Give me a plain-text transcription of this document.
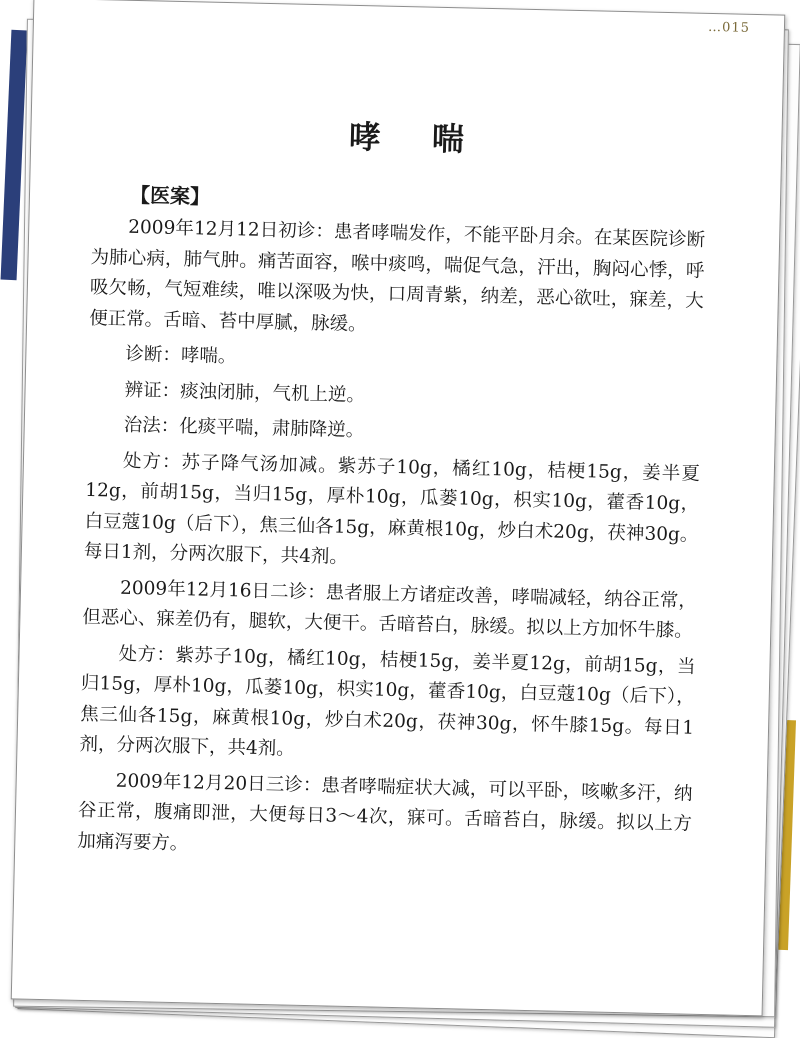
…015
哮 喘
【医案】

2009年12月12日初诊：患者哮喘发作，不能平卧月余。在某医院诊断为肺心病，肺气肿。痛苦面容，喉中痰鸣，喘促气急，汗出，胸闷心悸，呼吸欠畅，气短难续，唯以深吸为快，口周青紫，纳差，恶心欲吐，寐差，大便正常。舌暗、苔中厚腻，脉缓。

诊断：哮喘。

辨证：痰浊闭肺，气机上逆。

治法：化痰平喘，肃肺降逆。

处方：苏子降气汤加减。紫苏子10g，橘红10g，桔梗15g，姜半夏12g，前胡15g，当归15g，厚朴10g，瓜蒌10g，枳实10g，藿香10g，白豆蔻10g（后下），焦三仙各15g，麻黄根10g，炒白术20g，茯神30g。每日1剂，分两次服下，共4剂。

2009年12月16日二诊：患者服上方诸症改善，哮喘减轻，纳谷正常，但恶心、寐差仍有，腿软，大便干。舌暗苔白，脉缓。拟以上方加怀牛膝。

处方：紫苏子10g，橘红10g，桔梗15g，姜半夏12g，前胡15g，当归15g，厚朴10g，瓜蒌10g，枳实10g，藿香10g，白豆蔻10g（后下），焦三仙各15g，麻黄根10g，炒白术20g，茯神30g，怀牛膝15g。每日1剂，分两次服下，共4剂。

2009年12月20日三诊：患者哮喘症状大减，可以平卧，咳嗽多汗，纳谷正常，腹痛即泄，大便每日3～4次，寐可。舌暗苔白，脉缓。拟以上方加痛泻要方。
